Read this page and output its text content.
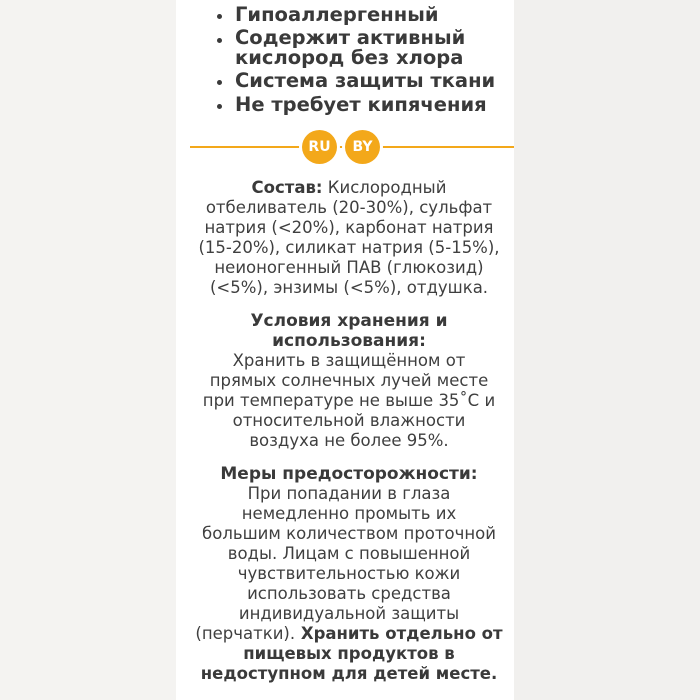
Гипоаллергенный
Содержит активный
кислород без хлора
Система защиты ткани
Не требует кипячения
RU	BY
Состав: Кислородный
отбеливатель (20-30%), сульфат
натрия (<20%), карбонат натрия
(15-20%), силикат натрия (5-15%),
неионогенный ПАВ (глюкозид)
(<5%), энзимы (<5%), отдушка.
Условия хранения и
использования:
Хранить в защищённом от
прямых солнечных лучей месте
при температуре не выше 35˚С и
относительной влажности
воздуха не более 95%.
Меры предосторожности:
При попадании в глаза
немедленно промыть их
большим количеством проточной
воды. Лицам с повышенной
чувствительностью кожи
использовать средства
индивидуальной защиты
(перчатки). Хранить отдельно от
пищевых продуктов в
недоступном для детей месте.
